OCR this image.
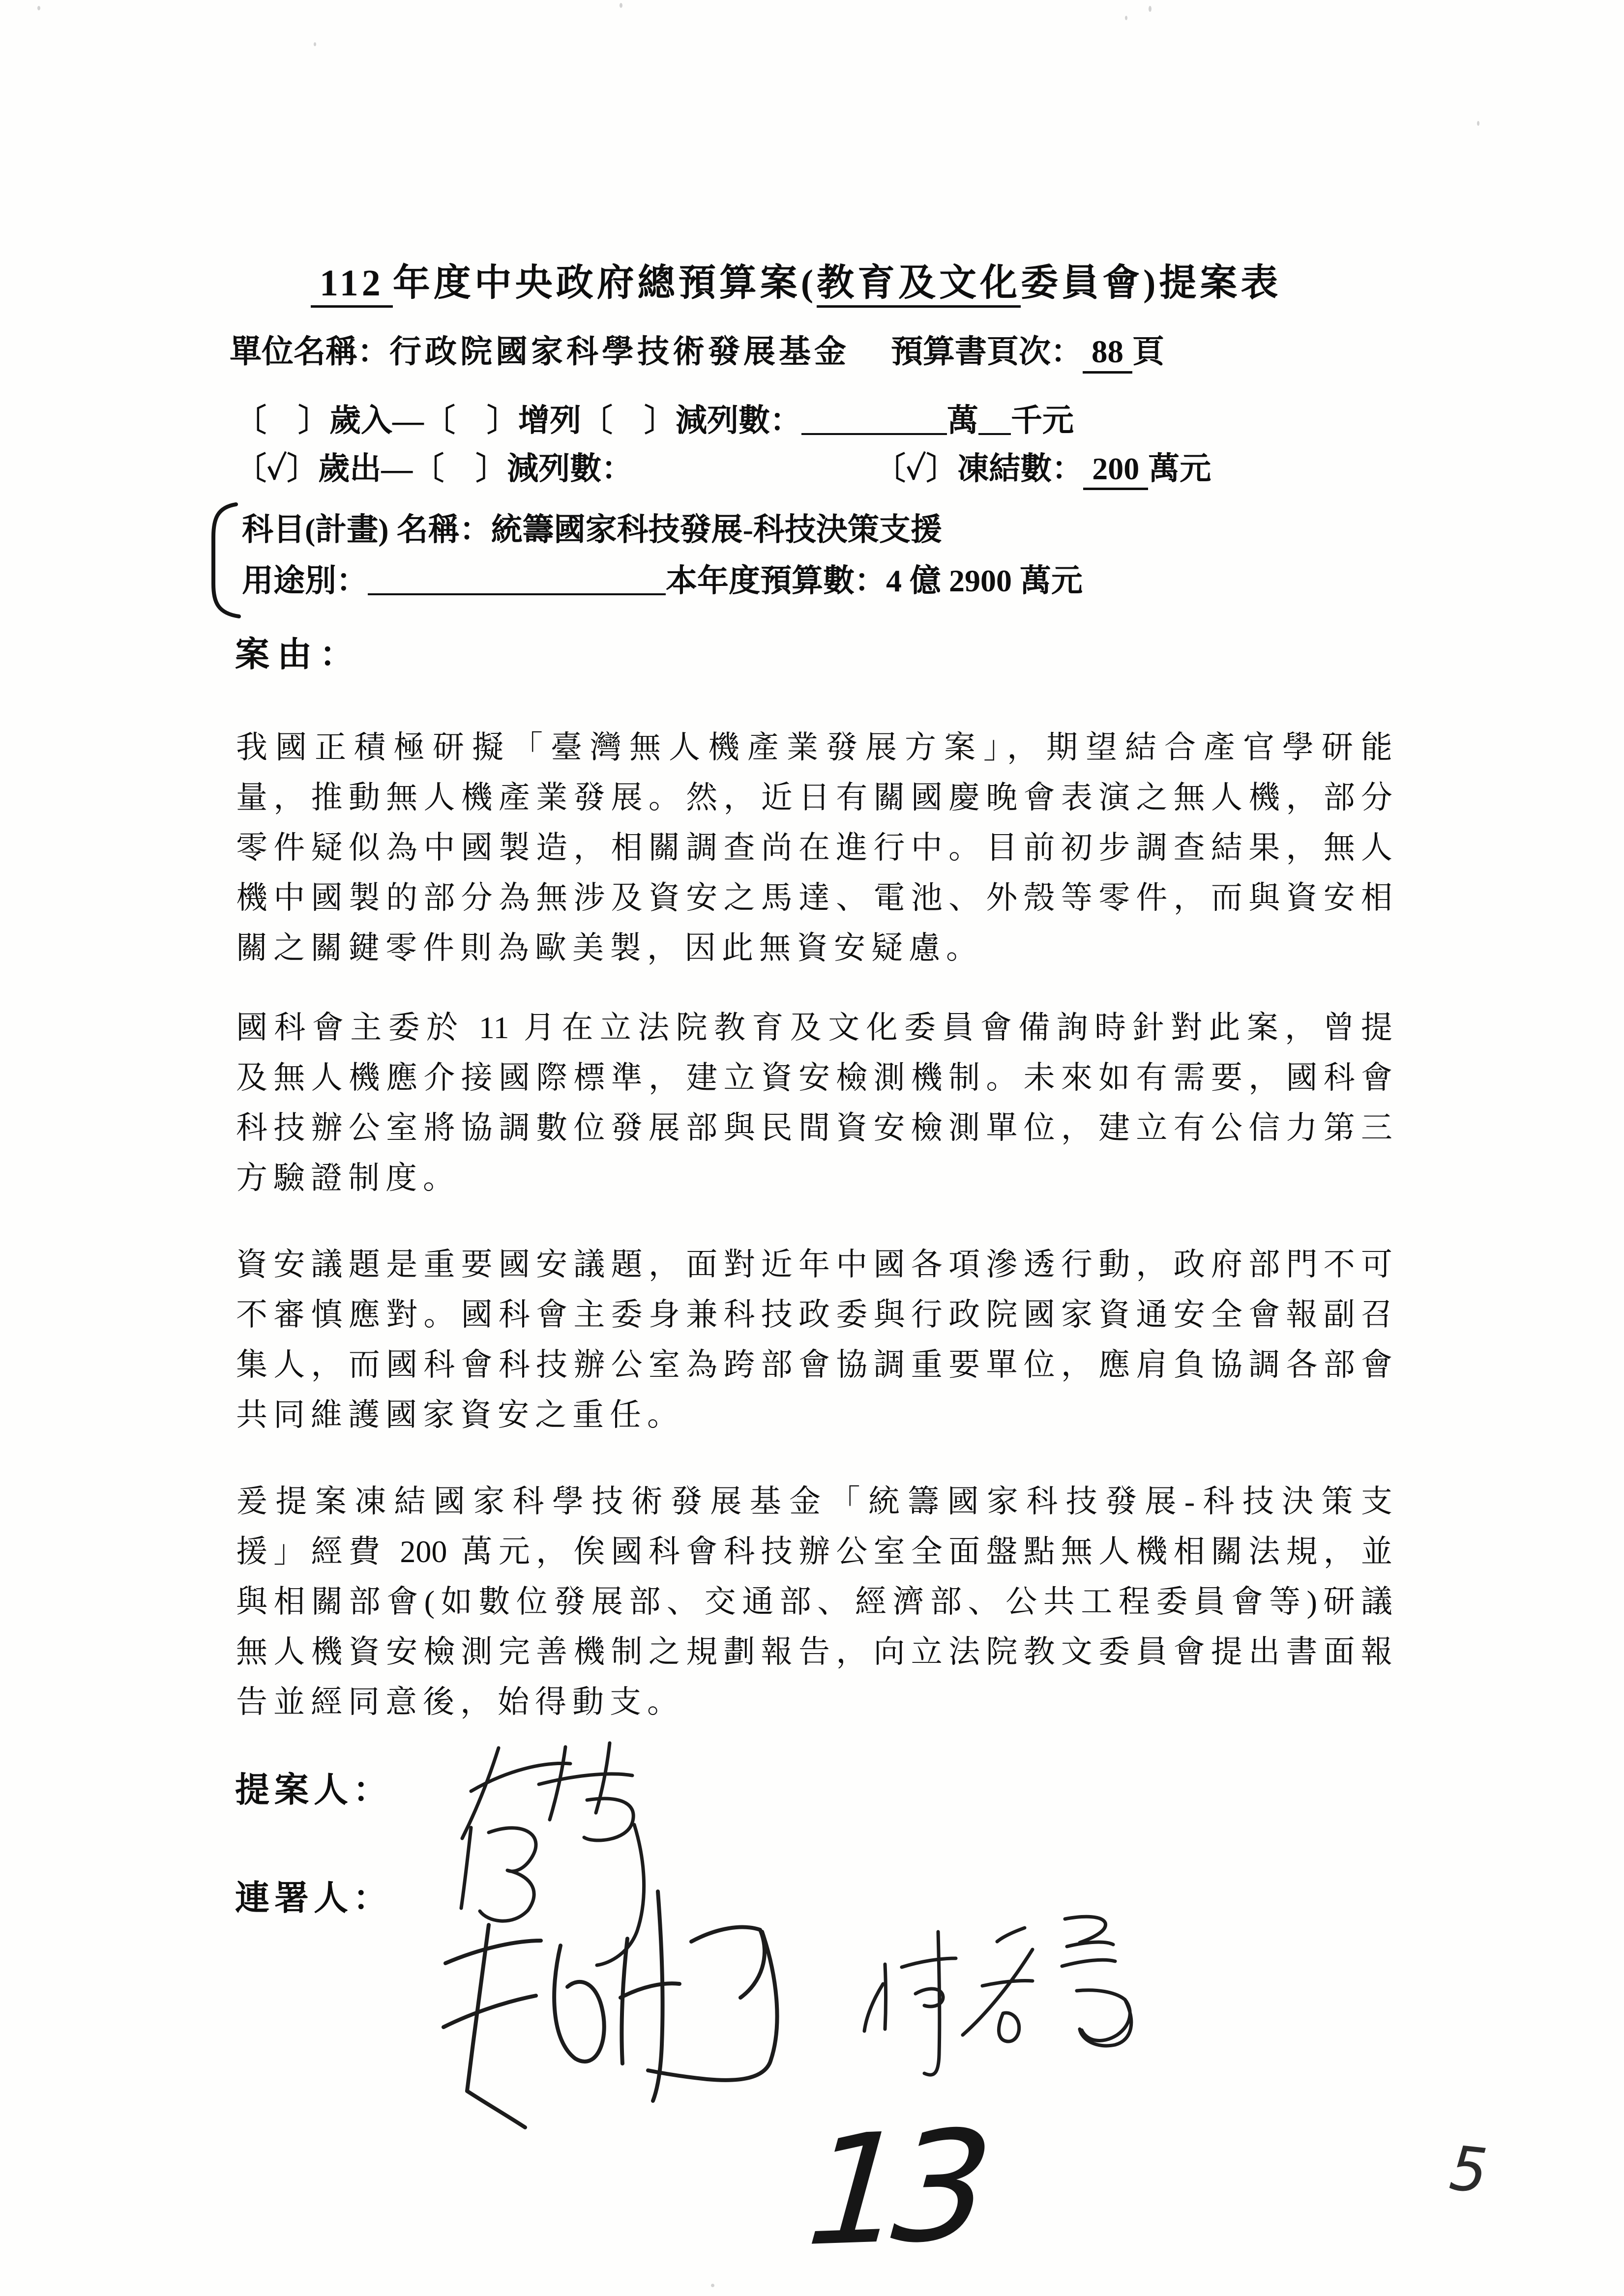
112 年度中央政府總預算案(教育及文化委員會)提案表
單位名稱：行政院國家科學技術發展基金 預算書頁次： 88 頁
〔　〕歲入—〔　〕增列〔　〕減列數：	萬 千元
〔✓〕歲出—〔　〕減列數：	〔✓〕凍結數： 200 萬元
科目(計畫) 名稱：統籌國家科技發展-科技決策支援
用途別：	本年度預算數：4 億 2900 萬元
案由：
我國正積極研擬「臺灣無人機產業發展方案」，期望結合產官學研能
量，推動無人機產業發展。然，近日有關國慶晚會表演之無人機，部分
零件疑似為中國製造，相關調查尚在進行中。目前初步調查結果，無人
機中國製的部分為無涉及資安之馬達、電池、外殼等零件，而與資安相
關之關鍵零件則為歐美製，因此無資安疑慮。
國科會主委於 11 月在立法院教育及文化委員會備詢時針對此案，曾提
及無人機應介接國際標準，建立資安檢測機制。未來如有需要，國科會
科技辦公室將協調數位發展部與民間資安檢測單位，建立有公信力第三
方驗證制度。
資安議題是重要國安議題，面對近年中國各項滲透行動，政府部門不可
不審慎應對。國科會主委身兼科技政委與行政院國家資通安全會報副召
集人，而國科會科技辦公室為跨部會協調重要單位，應肩負協調各部會
共同維護國家資安之重任。
爰提案凍結國家科學技術發展基金「統籌國家科技發展-科技決策支
援」經費 200 萬元，俟國科會科技辦公室全面盤點無人機相關法規，並
與相關部會(如數位發展部、交通部、經濟部、公共工程委員會等)研議
無人機資安檢測完善機制之規劃報告，向立法院教文委員會提出書面報
告並經同意後，始得動支。
提案人：
連署人：
13	5
